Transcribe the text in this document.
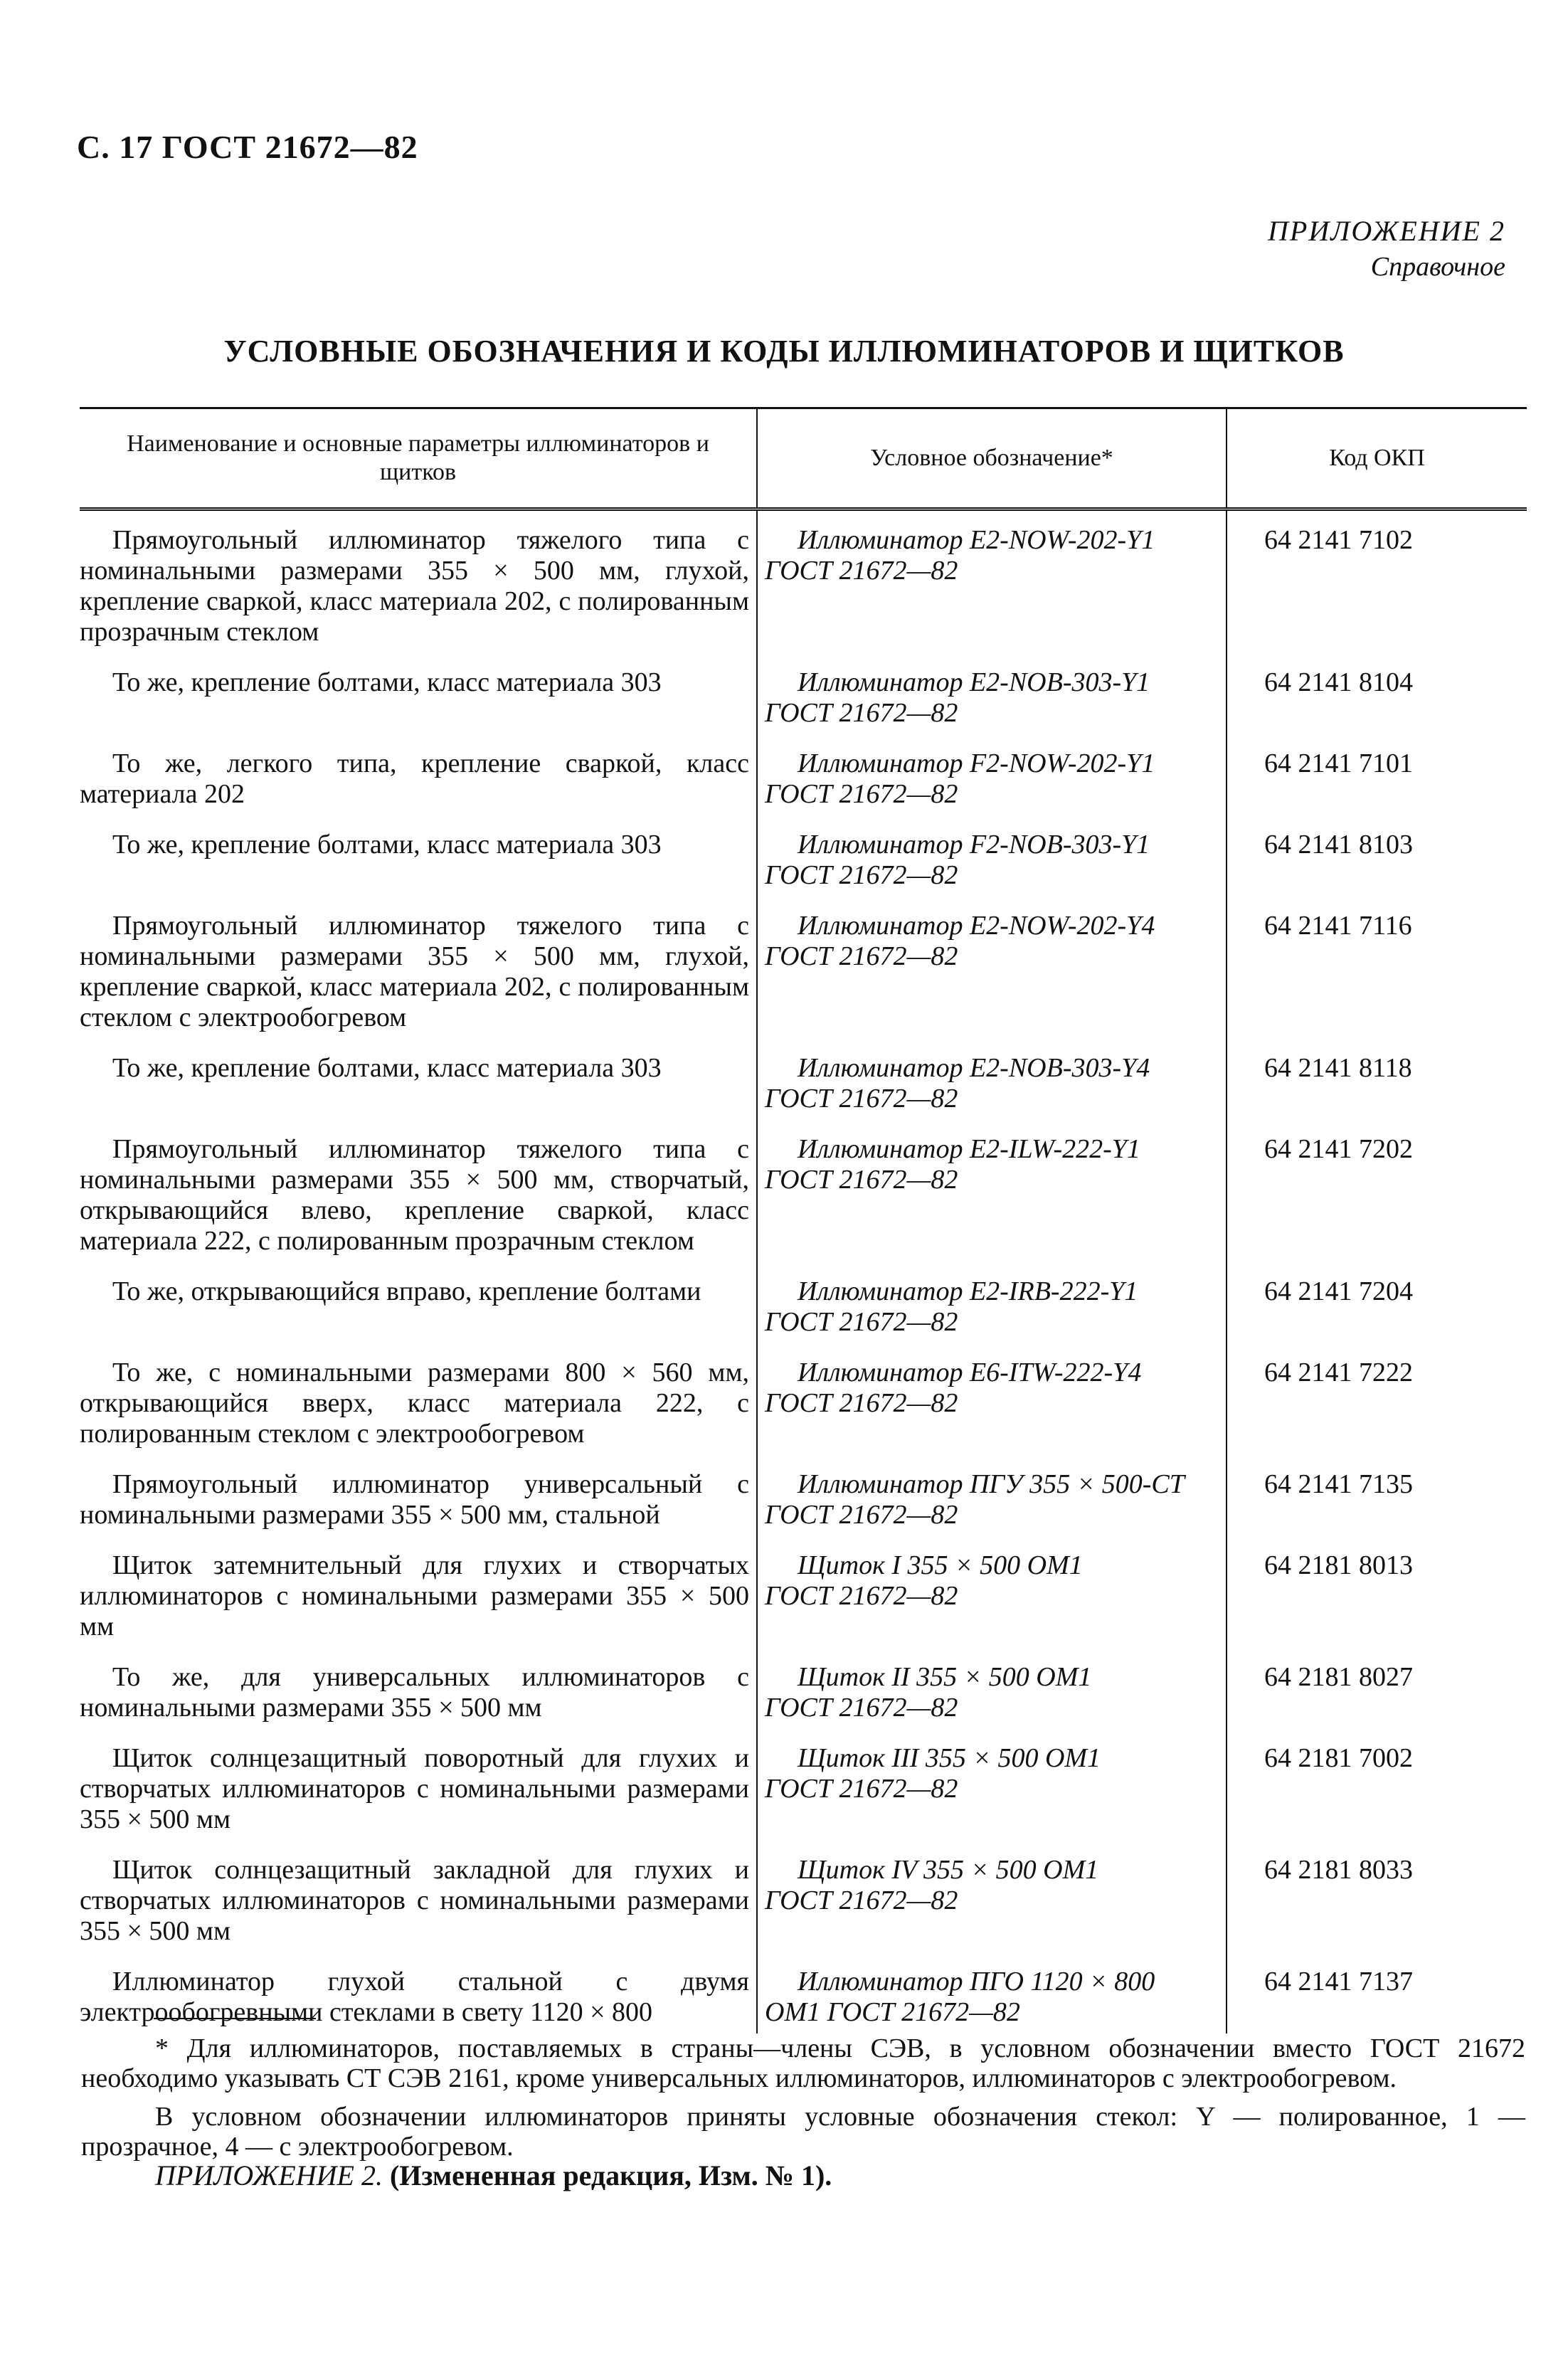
С. 17 ГОСТ 21672—82
ПРИЛОЖЕНИЕ 2
Справочное
УСЛОВНЫЕ ОБОЗНАЧЕНИЯ И КОДЫ ИЛЛЮМИНАТОРОВ И ЩИТКОВ
Наименование и основные параметры иллюминаторов и щитков	Условное обозначение*	Код ОКП

Прямоугольный иллюминатор тяжелого типа с номинальными размерами 355 × 500 мм, глухой, крепление сваркой, класс материала 202, с полированным прозрачным стеклом	Иллюминатор E2-NOW-202-Y1
ГОСТ 21672—82	64 2141 7102

То же, крепление болтами, класс материала 303	Иллюминатор E2-NOB-303-Y1
ГОСТ 21672—82	64 2141 8104

То же, легкого типа, крепление сваркой, класс материала 202	Иллюминатор F2-NOW-202-Y1
ГОСТ 21672—82	64 2141 7101

То же, крепление болтами, класс материала 303	Иллюминатор F2-NOB-303-Y1
ГОСТ 21672—82	64 2141 8103

Прямоугольный иллюминатор тяжелого типа с номинальными размерами 355 × 500 мм, глухой, крепление сваркой, класс материала 202, с полированным стеклом с электрообогревом	Иллюминатор E2-NOW-202-Y4
ГОСТ 21672—82	64 2141 7116

То же, крепление болтами, класс материала 303	Иллюминатор E2-NOB-303-Y4
ГОСТ 21672—82	64 2141 8118

Прямоугольный иллюминатор тяжелого типа с номинальными размерами 355 × 500 мм, створчатый, открывающийся влево, крепление сваркой, класс материала 222, с полированным прозрачным стеклом	Иллюминатор E2-ILW-222-Y1
ГОСТ 21672—82	64 2141 7202

То же, открывающийся вправо, крепление болтами	Иллюминатор E2-IRB-222-Y1
ГОСТ 21672—82	64 2141 7204

То же, с номинальными размерами 800 × 560 мм, открывающийся вверх, класс материала 222, с полированным стеклом с электрообогревом	Иллюминатор E6-ITW-222-Y4
ГОСТ 21672—82	64 2141 7222

Прямоугольный иллюминатор универсальный с номинальными размерами 355 × 500 мм, стальной	Иллюминатор ПГУ 355 × 500-СТ
ГОСТ 21672—82	64 2141 7135

Щиток затемнительный для глухих и створчатых иллюминаторов с номинальными размерами 355 × 500 мм	Щиток I 355 × 500 OM1
ГОСТ 21672—82	64 2181 8013

То же, для универсальных иллюминаторов с номинальными размерами 355 × 500 мм	Щиток II 355 × 500 OM1
ГОСТ 21672—82	64 2181 8027

Щиток солнцезащитный поворотный для глухих и створчатых иллюминаторов с номинальными размерами 355 × 500 мм	Щиток III 355 × 500 OM1
ГОСТ 21672—82	64 2181 7002

Щиток солнцезащитный закладной для глухих и створчатых иллюминаторов с номинальными размерами 355 × 500 мм	Щиток IV 355 × 500 OM1
ГОСТ 21672—82	64 2181 8033

Иллюминатор глухой стальной с двумя электрообогревными стеклами в свету 1120 × 800	Иллюминатор ПГО 1120 × 800
OM1 ГОСТ 21672—82	64 2141 7137

* Для иллюминаторов, поставляемых в страны—члены СЭВ, в условном обозначении вместо ГОСТ 21672 необходимо указывать СТ СЭВ 2161, кроме универсальных иллюминаторов, иллюминаторов с электрообогревом.

В условном обозначении иллюминаторов приняты условные обозначения стекол: Y — полированное, 1 — прозрачное, 4 — с электрообогревом.

ПРИЛОЖЕНИЕ 2. (Измененная редакция, Изм. № 1).
